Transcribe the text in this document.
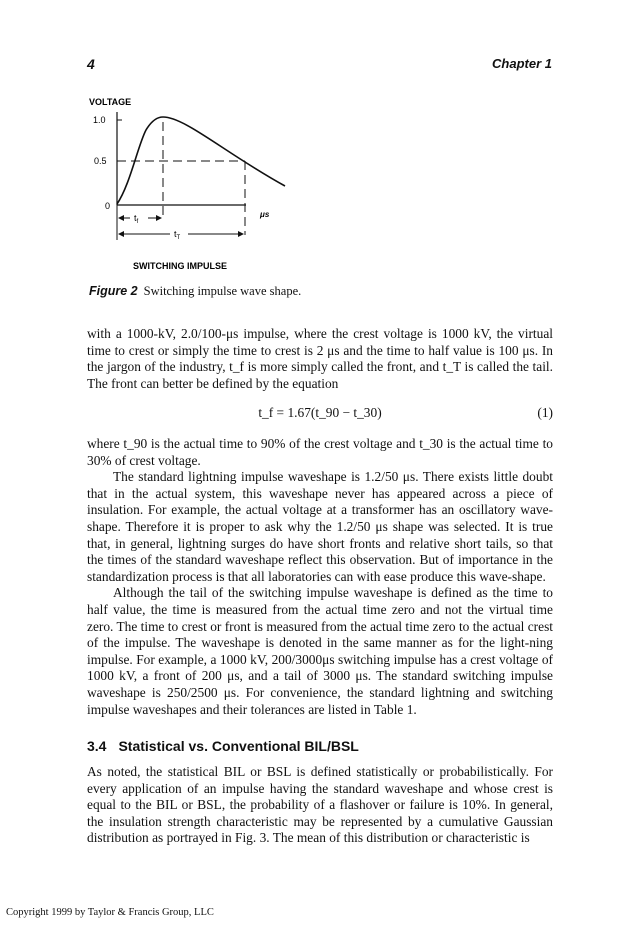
4	Chapter 1
VOLTAGE
1.0
0.5
0
$t_f$
$t_T$
μs
SWITCHING IMPULSE
Figure 2 Switching impulse wave shape.

with a 1000-kV, 2.0/100-μs impulse, where the crest voltage is 1000 kV, the virtual time to crest or simply the time to crest is 2 μs and the time to half value is 100 μs. In the jargon of the industry, t_f is more simply called the front, and t_T is called the tail. The front can better be defined by the equation

t_f = 1.67(t_90 − t_30)	(1)

where t_90 is the actual time to 90% of the crest voltage and t_30 is the actual time to 30% of crest voltage.

The standard lightning impulse waveshape is 1.2/50 μs. There exists little doubt that in the actual system, this waveshape never has appeared across a piece of insulation. For example, the actual voltage at a transformer has an oscillatory wave-shape. Therefore it is proper to ask why the 1.2/50 μs shape was selected. It is true that, in general, lightning surges do have short fronts and relative short tails, so that the times of the standard waveshape reflect this observation. But of importance in the standardization process is that all laboratories can with ease produce this wave-shape.

Although the tail of the switching impulse waveshape is defined as the time to half value, the time is measured from the actual time zero and not the virtual time zero. The time to crest or front is measured from the actual time zero to the actual crest of the impulse. The waveshape is denoted in the same manner as for the light-ning impulse. For example, a 1000 kV, 200/3000μs switching impulse has a crest voltage of 1000 kV, a front of 200 μs, and a tail of 3000 μs. The standard switching impulse waveshape is 250/2500 μs. For convenience, the standard lightning and switching impulse waveshapes and their tolerances are listed in Table 1.

3.4 Statistical vs. Conventional BIL/BSL

As noted, the statistical BIL or BSL is defined statistically or probabilistically. For every application of an impulse having the standard waveshape and whose crest is equal to the BIL or BSL, the probability of a flashover or failure is 10%. In general, the insulation strength characteristic may be represented by a cumulative Gaussian distribution as portrayed in Fig. 3. The mean of this distribution or characteristic is

Copyright 1999 by Taylor & Francis Group, LLC
